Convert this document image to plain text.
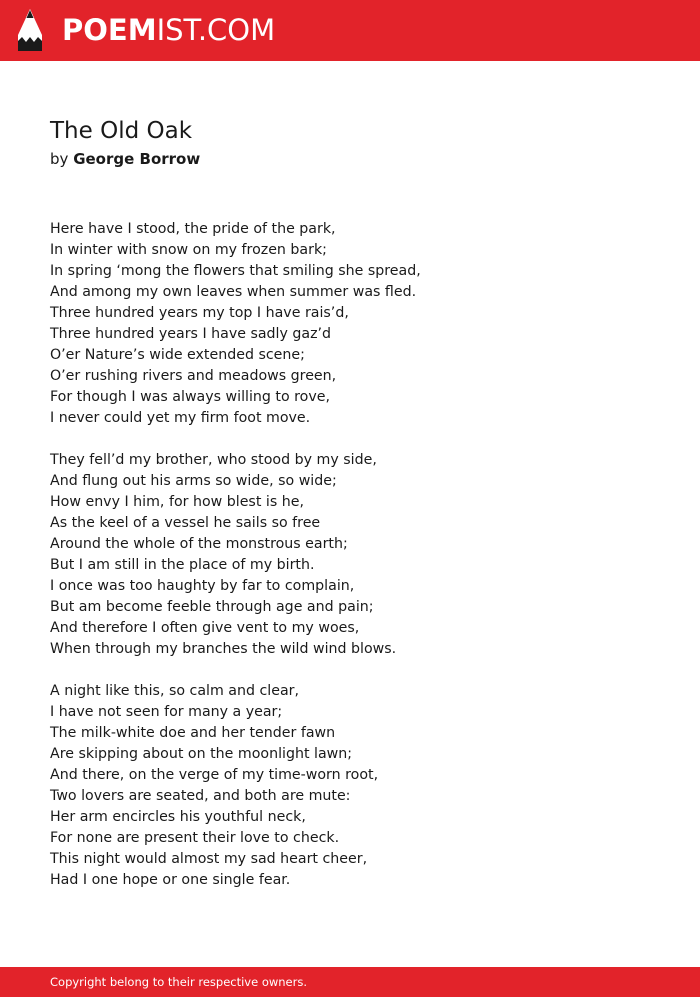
POEMIST.COM
The Old Oak
by George Borrow
Here have I stood, the pride of the park,
In winter with snow on my frozen bark;
In spring ‘mong the flowers that smiling she spread,
And among my own leaves when summer was fled.
Three hundred years my top I have rais’d,
Three hundred years I have sadly gaz’d
O’er Nature’s wide extended scene;
O’er rushing rivers and meadows green,
For though I was always willing to rove,
I never could yet my firm foot move.
They fell’d my brother, who stood by my side,
And flung out his arms so wide, so wide;
How envy I him, for how blest is he,
As the keel of a vessel he sails so free
Around the whole of the monstrous earth;
But I am still in the place of my birth.
I once was too haughty by far to complain,
But am become feeble through age and pain;
And therefore I often give vent to my woes,
When through my branches the wild wind blows.
A night like this, so calm and clear,
I have not seen for many a year;
The milk-white doe and her tender fawn
Are skipping about on the moonlight lawn;
And there, on the verge of my time-worn root,
Two lovers are seated, and both are mute:
Her arm encircles his youthful neck,
For none are present their love to check.
This night would almost my sad heart cheer,
Had I one hope or one single fear.
Copyright belong to their respective owners.
